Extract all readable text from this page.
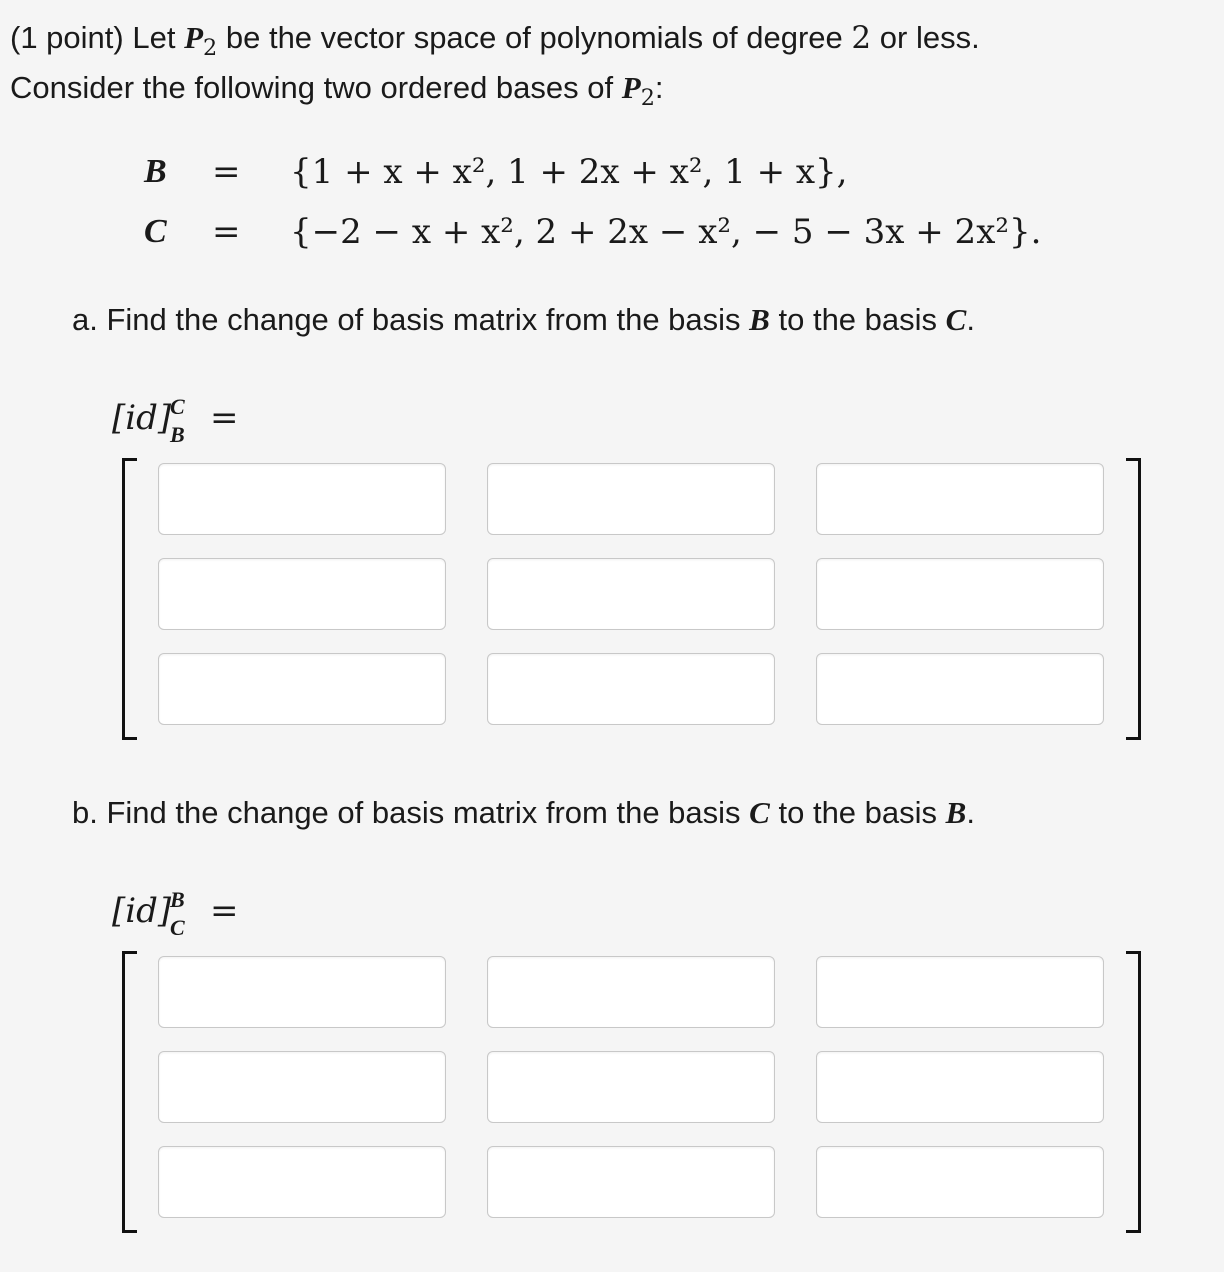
(1 point) Let $P_2$ be the vector space of polynomials of degree 2 or less.
Consider the following two ordered bases of $P_2$:
B = {1 + x + x², 1 + 2x + x², 1 + x},
C = {−2 − x + x², 2 + 2x − x², − 5 − 3x + 2x²}.
a. Find the change of basis matrix from the basis B to the basis C.
[id]
C
B =
b. Find the change of basis matrix from the basis C to the basis B.
[id]
B
C =
